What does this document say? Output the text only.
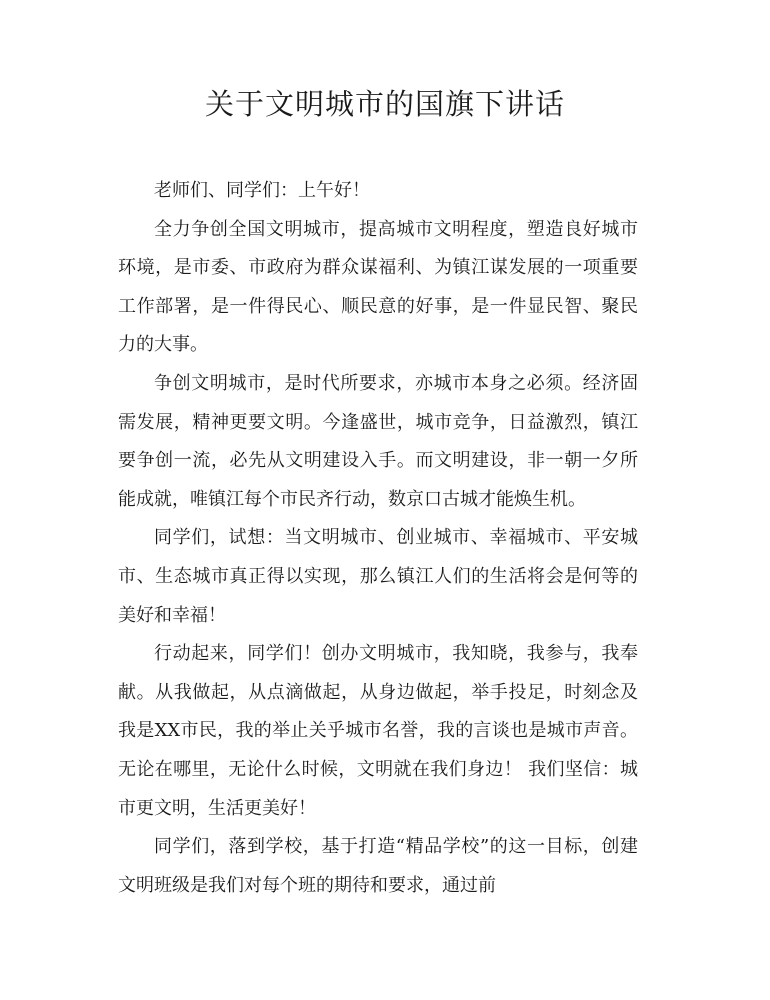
关于文明城市的国旗下讲话

老师们、同学们：上午好！

全力争创全国文明城市，提高城市文明程度，塑造良好城市环境，是市委、市政府为群众谋福利、为镇江谋发展的一项重要工作部署，是一件得民心、顺民意的好事，是一件显民智、聚民力的大事。

争创文明城市，是时代所要求，亦城市本身之必须。经济固需发展，精神更要文明。今逢盛世，城市竞争，日益激烈，镇江要争创一流，必先从文明建设入手。而文明建设，非一朝一夕所能成就，唯镇江每个市民齐行动，数京口古城才能焕生机。

同学们，试想：当文明城市、创业城市、幸福城市、平安城市、生态城市真正得以实现，那么镇江人们的生活将会是何等的美好和幸福！

行动起来，同学们！创办文明城市，我知晓，我参与，我奉献。从我做起，从点滴做起，从身边做起，举手投足，时刻念及我是XX市民，我的举止关乎城市名誉，我的言谈也是城市声音。无论在哪里，无论什么时候，文明就在我们身边！ 我们坚信：城市更文明，生活更美好！

同学们，落到学校，基于打造“精品学校”的这一目标，创建文明班级是我们对每个班的期待和要求，通过前
